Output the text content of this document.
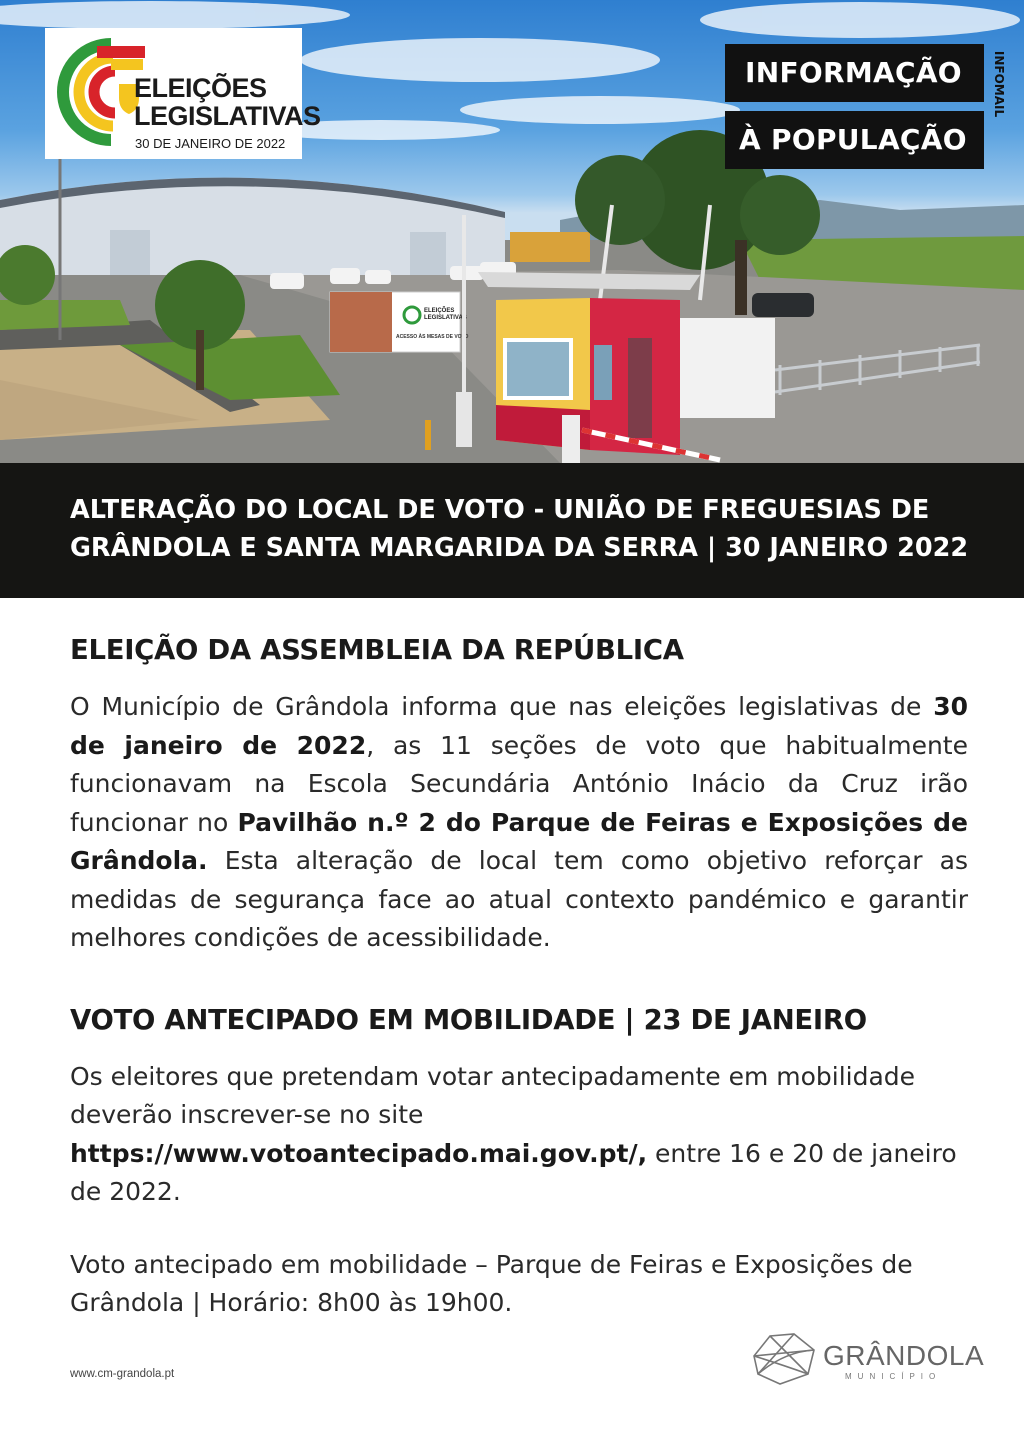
ELEIÇÕES
LEGISLATIVAS
ACESSO ÀS MESAS DE VOTO
ELEIÇÕES
LEGISLATIVAS
30 DE JANEIRO DE 2022
INFORMAÇÃO
À POPULAÇÃO
INFOMAIL
ALTERAÇÃO DO LOCAL DE VOTO - UNIÃO DE FREGUESIAS DE GRÂNDOLA E SANTA MARGARIDA DA SERRA | 30 JANEIRO 2022
ELEIÇÃO DA ASSEMBLEIA DA REPÚBLICA

O Município de Grândola informa que nas eleições legislativas de 30 de janeiro de 2022, as 11 seções de voto que habitualmente funcionavam na Escola Secundária António Inácio da Cruz irão funcionar no Pavilhão n.º 2 do Parque de Feiras e Exposições de Grândola. Esta alteração de local tem como objetivo reforçar as medidas de segurança face ao atual contexto pandémico e garantir melhores condições de acessibilidade.

VOTO ANTECIPADO EM MOBILIDADE | 23 DE JANEIRO

Os eleitores que pretendam votar antecipadamente em mobilidade deverão inscrever-se no site https://www.votoantecipado.mai.gov.pt/, entre 16 e 20 de janeiro de 2022.

Voto antecipado em mobilidade – Parque de Feiras e Exposições de Grândola | Horário: 8h00 às 19h00.

www.cm-grandola.pt
GRÂNDOLA
MUNICÍPIO
